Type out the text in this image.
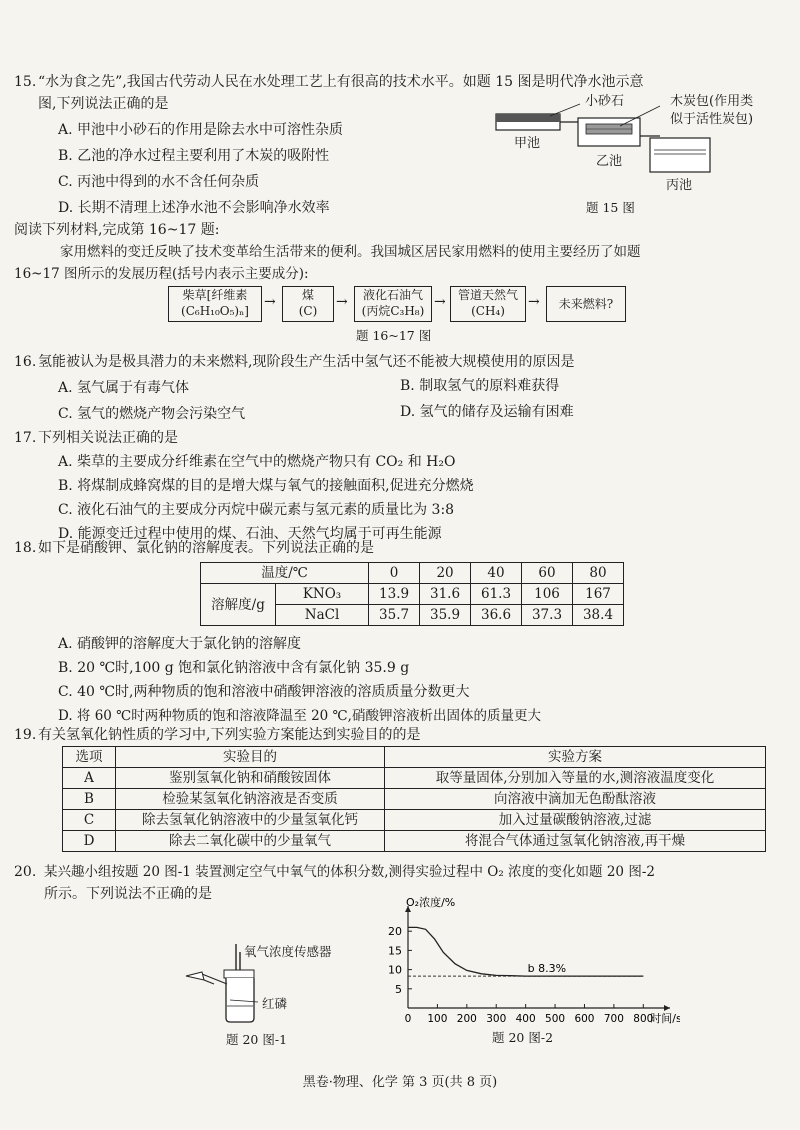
15. “水为食之先”,我国古代劳动人民在水处理工艺上有很高的技术水平。如题 15 图是明代净水池示意
图,下列说法正确的是
A. 甲池中小砂石的作用是除去水中可溶性杂质
B. 乙池的净水过程主要利用了木炭的吸附性
C. 丙池中得到的水不含任何杂质
D. 长期不清理上述净水池不会影响净水效率
小砂石	木炭包(作用类
似于活性炭包)
甲池
乙池
丙池
题 15 图
阅读下列材料,完成第 16~17 题:
家用燃料的变迁反映了技术变革给生活带来的便利。我国城区居民家用燃料的使用主要经历了如题
16~17 图所示的发展历程(括号内表示主要成分):
柴草[纤维素
(C₆H₁₀O₅)ₙ]
→	煤
(C)
→	液化石油气
(丙烷C₃H₈)
→	管道天然气
(CH₄)
→	未来燃料?
题 16~17 图
16. 氢能被认为是极具潜力的未来燃料,现阶段生产生活中氢气还不能被大规模使用的原因是
A. 氢气属于有毒气体	B. 制取氢气的原料难获得
C. 氢气的燃烧产物会污染空气	D. 氢气的储存及运输有困难
17. 下列相关说法正确的是
A. 柴草的主要成分纤维素在空气中的燃烧产物只有 CO₂ 和 H₂O
B. 将煤制成蜂窝煤的目的是增大煤与氧气的接触面积,促进充分燃烧
C. 液化石油气的主要成分丙烷中碳元素与氢元素的质量比为 3:8
D. 能源变迁过程中使用的煤、石油、天然气均属于可再生能源
18. 如下是硝酸钾、氯化钠的溶解度表。下列说法正确的是
温度/℃		0	20	40	60	80
溶解度/g	KNO₃	13.9	31.6	61.3	106	167
	NaCl	35.7	35.9	36.6	37.3	38.4
A. 硝酸钾的溶解度大于氯化钠的溶解度
B. 20 ℃时,100 g 饱和氯化钠溶液中含有氯化钠 35.9 g
C. 40 ℃时,两种物质的饱和溶液中硝酸钾溶液的溶质质量分数更大
D. 将 60 ℃时两种物质的饱和溶液降温至 20 ℃,硝酸钾溶液析出固体的质量更大
19. 有关氢氧化钠性质的学习中,下列实验方案能达到实验目的的是
选项	实验目的	实验方案
A	鉴别氢氧化钠和硝酸铵固体	取等量固体,分别加入等量的水,测溶液温度变化
B	检验某氢氧化钠溶液是否变质	向溶液中滴加无色酚酞溶液
C	除去氢氧化钠溶液中的少量氢氧化钙	加入过量碳酸钠溶液,过滤
D	除去二氧化碳中的少量氧气	将混合气体通过氢氧化钠溶液,再干燥
20. 某兴趣小组按题 20 图-1 装置测定空气中氧气的体积分数,测得实验过程中 O₂ 浓度的变化如题 20 图-2
所示。下列说法不正确的是
氧气浓度传感器
红磷
题 20 图-1
O₂浓度/%
5
10
15
20
0 100 200 300 400 500 600 700 800
时间/s
b 8.3%
题 20 图-2
黑卷·物理、化学 第 3 页(共 8 页)
